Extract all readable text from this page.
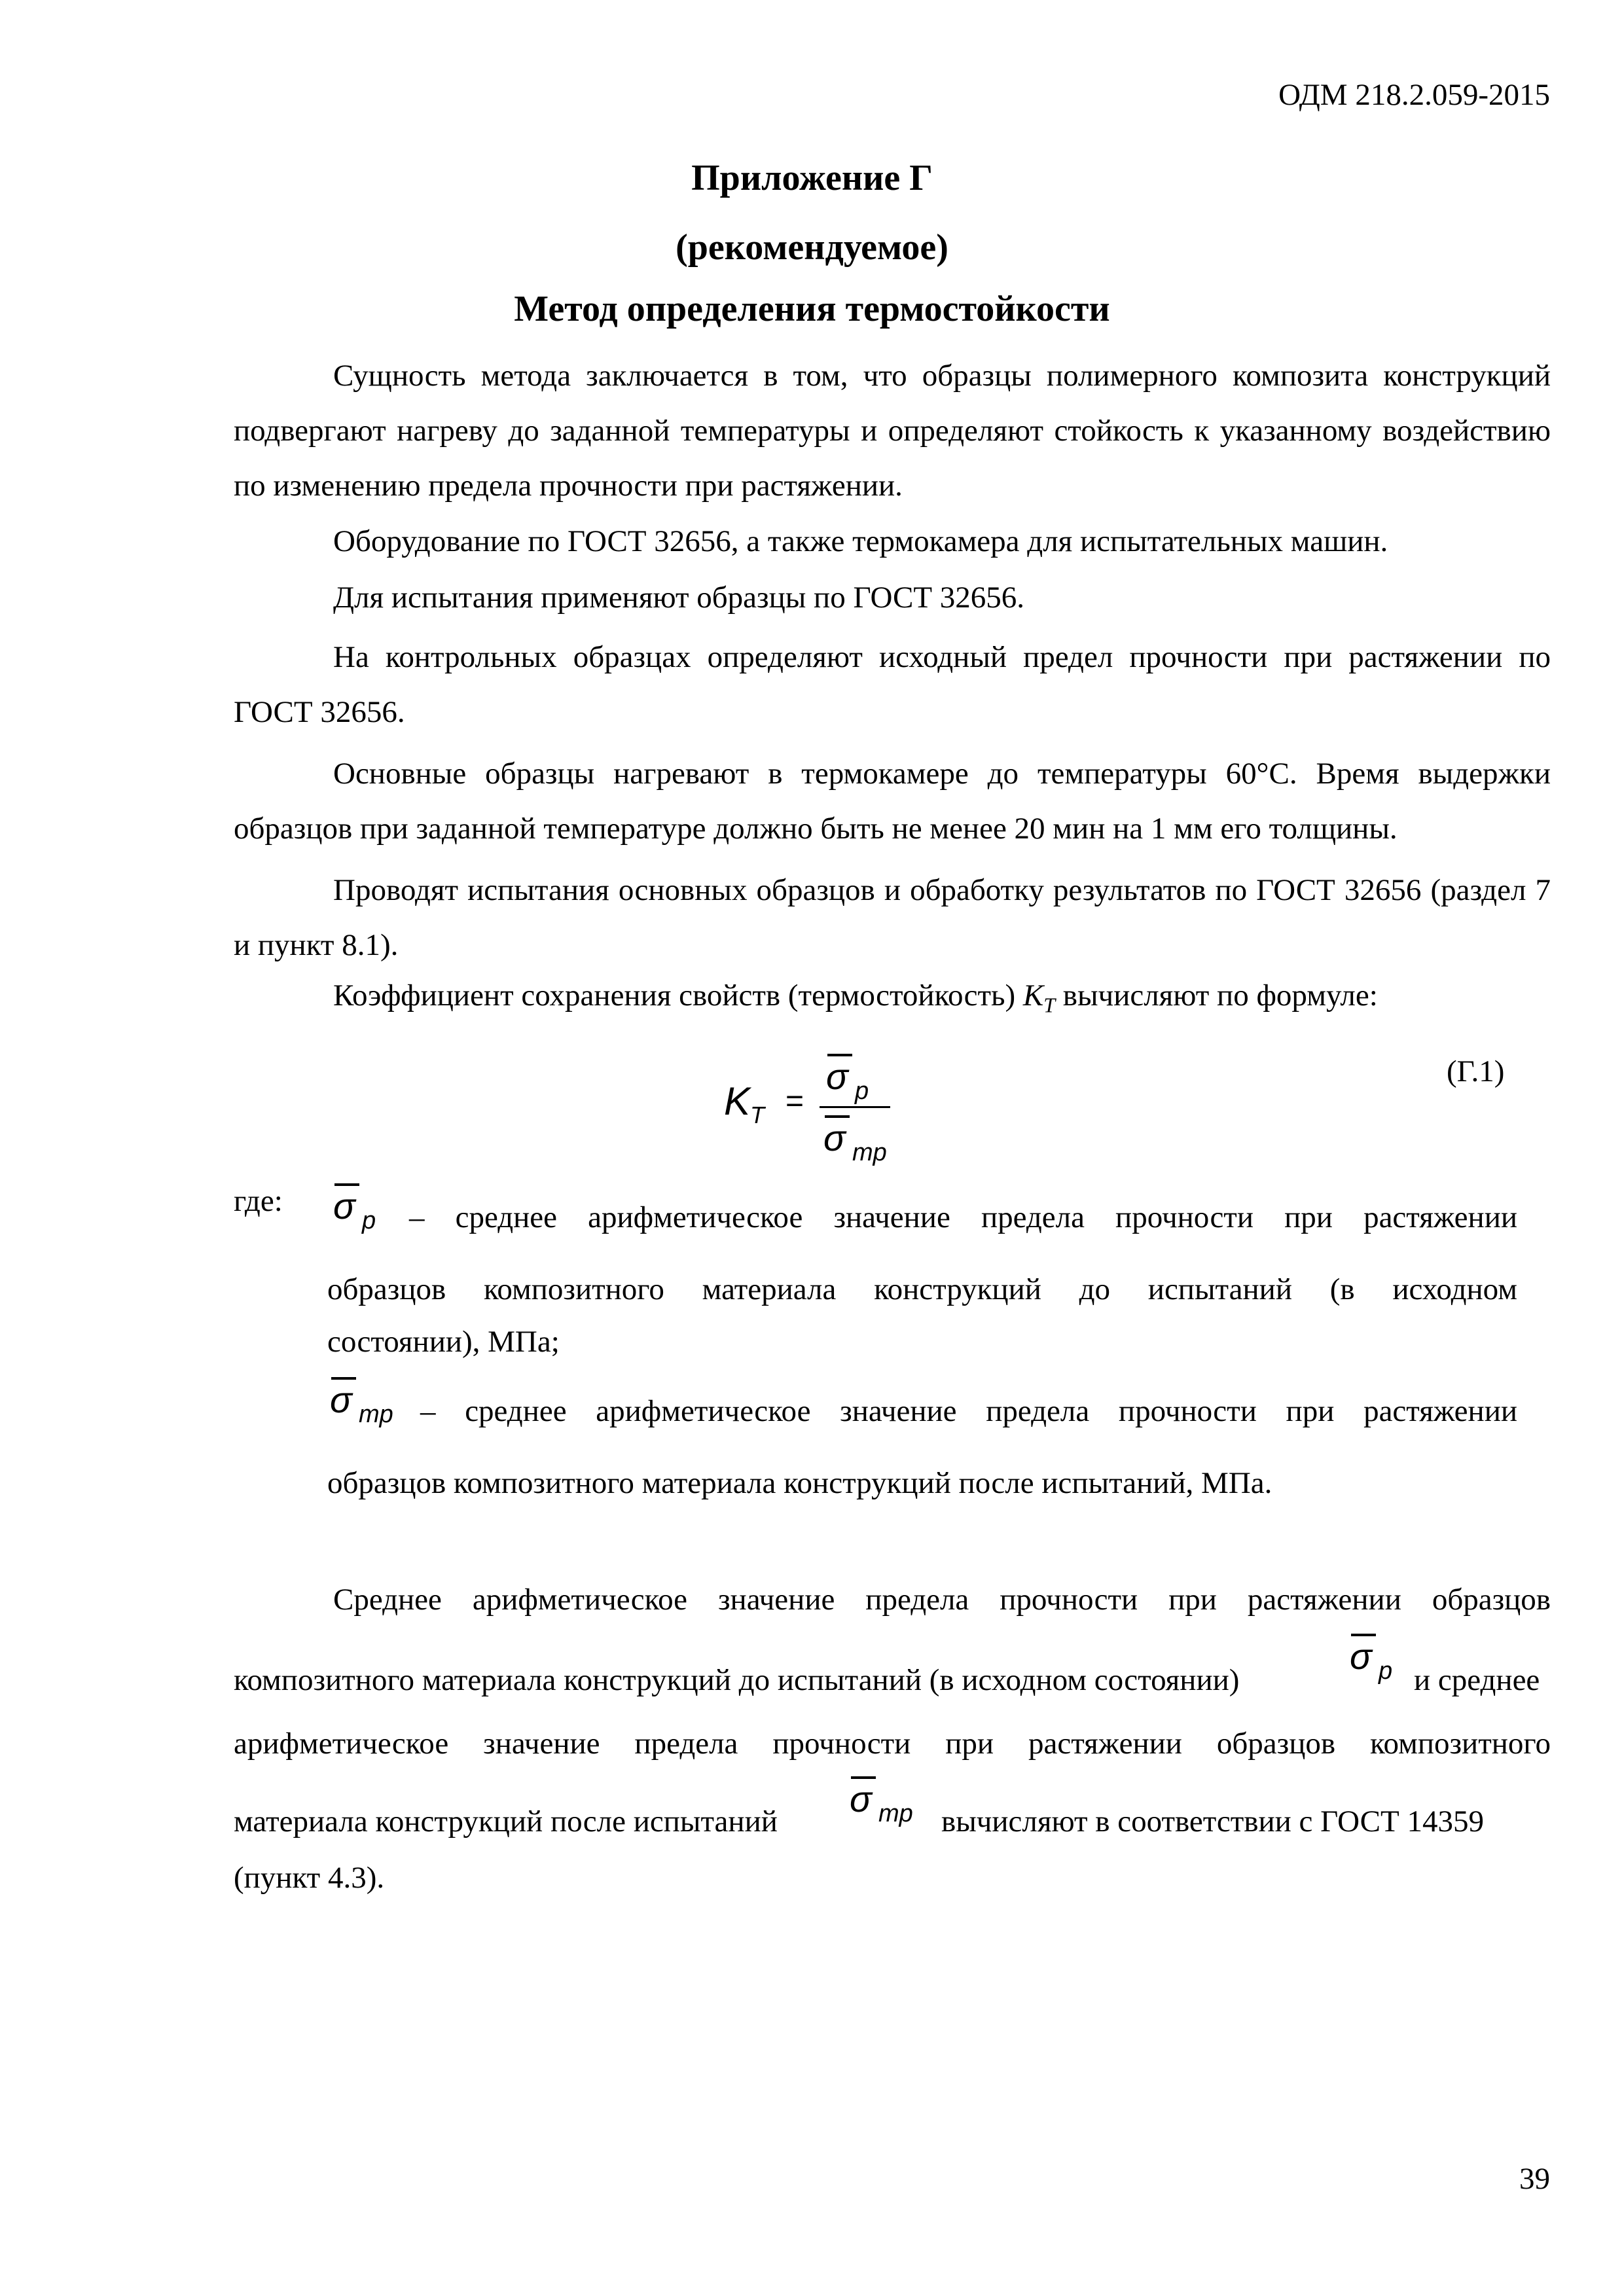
ОДМ 218.2.059-2015
Приложение Г
(рекомендуемое)
Метод определения термостойкости
Сущность метода заключается в том, что образцы полимерного композита конструкций подвергают нагреву до заданной температуры и определяют стойкость к указанному воздействию по изменению предела прочности при растяжении.
Оборудование по ГОСТ 32656, а также термокамера для испытательных машин.
Для испытания применяют образцы по ГОСТ 32656.
На контрольных образцах определяют исходный предел прочности при растяжении по ГОСТ 32656.
Основные образцы нагревают в термокамере до температуры 60°С. Время выдержки образцов при заданной температуре должно быть не менее 20 мин на 1 мм его толщины.
Проводят испытания основных образцов и обработку результатов по ГОСТ 32656 (раздел 7 и пункт 8.1).
Коэффициент сохранения свойств (термостойкость) $K_T$ вычисляют по формуле:
$K_T$ =
σ p
σ mp
(Г.1)
где: σ p – среднее арифметическое значение предела прочности при растяжении
образцов композитного материала конструкций до испытаний (в исходном
состоянии), МПа;
σ mp – среднее арифметическое значение предела прочности при растяжении
образцов композитного материала конструкций после испытаний, МПа.
Среднее арифметическое значение предела прочности при растяжении образцов
композитного материала конструкций до испытаний (в исходном состоянии)
σ p и среднее
арифметическое значение предела прочности при растяжении образцов композитного
материала конструкций после испытаний
σ mp вычисляют в соответствии с ГОСТ 14359
(пункт 4.3).
39
